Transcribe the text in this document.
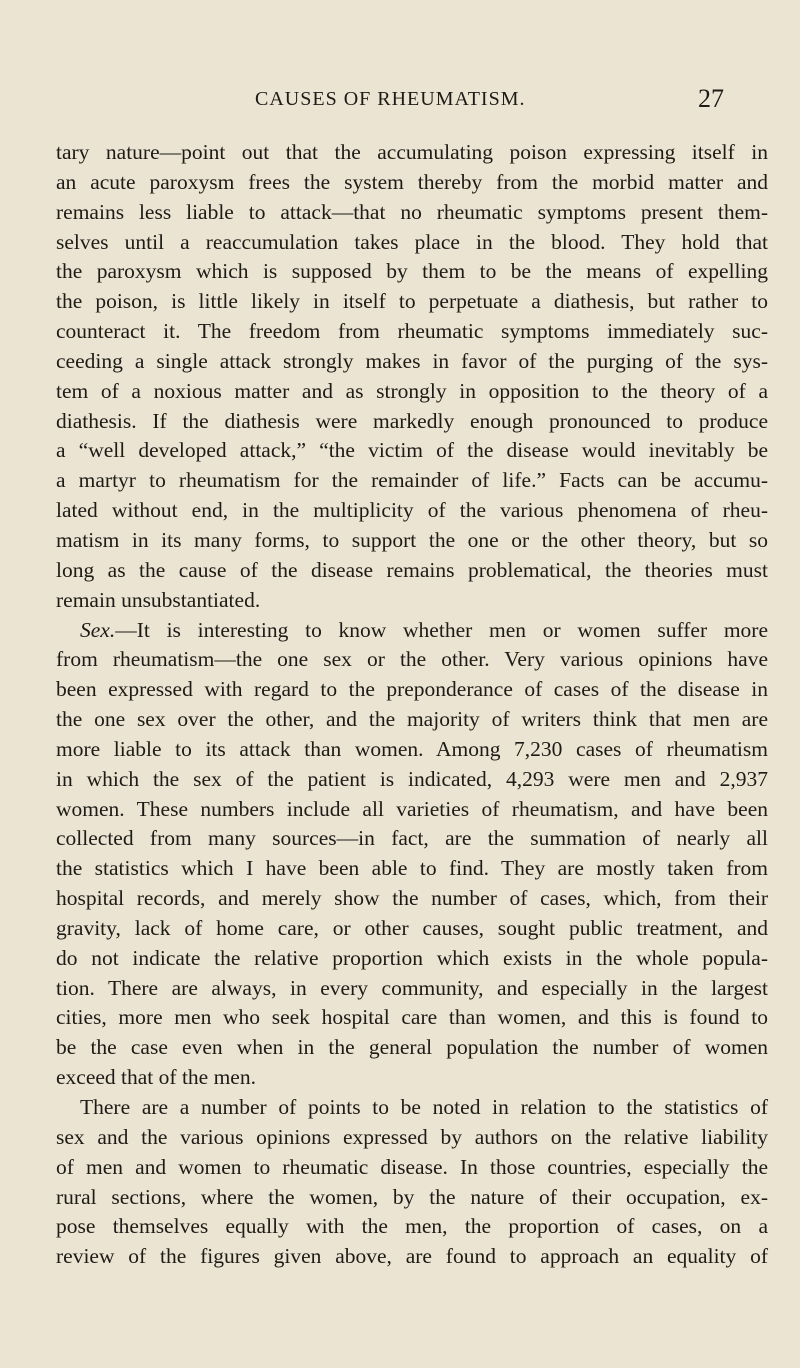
CAUSES OF RHEUMATISM.	27
tary nature—point out that the accumulating poison expressing itself in
an acute paroxysm frees the system thereby from the morbid matter and
remains less liable to attack—that no rheumatic symptoms present them-
selves until a reaccumulation takes place in the blood. They hold that
the paroxysm which is supposed by them to be the means of expelling
the poison, is little likely in itself to perpetuate a diathesis, but rather to
counteract it. The freedom from rheumatic symptoms immediately suc-
ceeding a single attack strongly makes in favor of the purging of the sys-
tem of a noxious matter and as strongly in opposition to the theory of a
diathesis. If the diathesis were markedly enough pronounced to produce
a “well developed attack,” “the victim of the disease would inevitably be
a martyr to rheumatism for the remainder of life.” Facts can be accumu-
lated without end, in the multiplicity of the various phenomena of rheu-
matism in its many forms, to support the one or the other theory, but so
long as the cause of the disease remains problematical, the theories must
remain unsubstantiated.
Sex.—It is interesting to know whether men or women suffer more
from rheumatism—the one sex or the other. Very various opinions have
been expressed with regard to the preponderance of cases of the disease in
the one sex over the other, and the majority of writers think that men are
more liable to its attack than women. Among 7,230 cases of rheumatism
in which the sex of the patient is indicated, 4,293 were men and 2,937
women. These numbers include all varieties of rheumatism, and have been
collected from many sources—in fact, are the summation of nearly all
the statistics which I have been able to find. They are mostly taken from
hospital records, and merely show the number of cases, which, from their
gravity, lack of home care, or other causes, sought public treatment, and
do not indicate the relative proportion which exists in the whole popula-
tion. There are always, in every community, and especially in the largest
cities, more men who seek hospital care than women, and this is found to
be the case even when in the general population the number of women
exceed that of the men.
There are a number of points to be noted in relation to the statistics of
sex and the various opinions expressed by authors on the relative liability
of men and women to rheumatic disease. In those countries, especially the
rural sections, where the women, by the nature of their occupation, ex-
pose themselves equally with the men, the proportion of cases, on a
review of the figures given above, are found to approach an equality of
